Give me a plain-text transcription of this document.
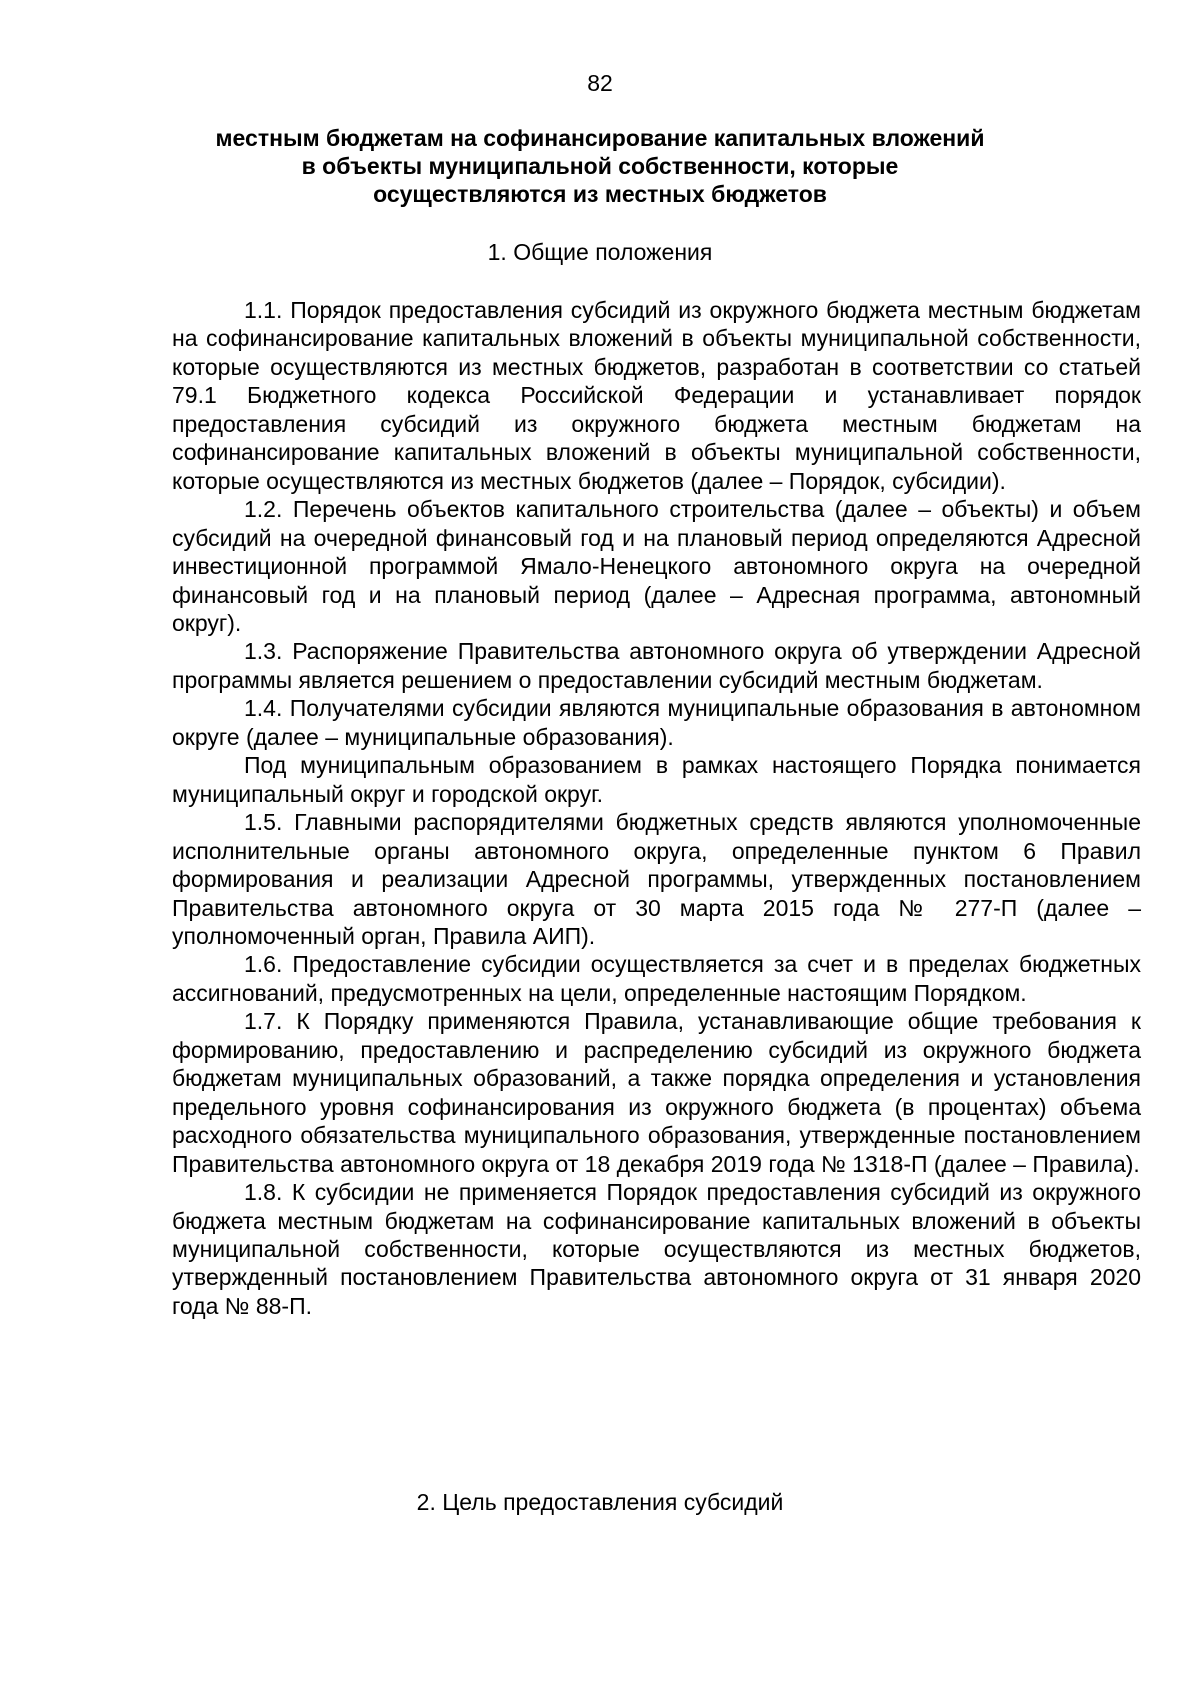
82
местным бюджетам на софинансирование капитальных вложений
в объекты муниципальной собственности, которые
осуществляются из местных бюджетов
1. Общие положения

1.1. Порядок предоставления субсидий из окружного бюджета местным бюджетам на софинансирование капитальных вложений в объекты муниципальной собственности, которые осуществляются из местных бюджетов, разработан в соответствии со статьей 79.1 Бюджетного кодекса Российской Федерации и устанавливает порядок предоставления субсидий из окружного бюджета местным бюджетам на софинансирование капитальных вложений в объекты муниципальной собственности, которые осуществляются из местных бюджетов (далее – Порядок, субсидии).

1.2. Перечень объектов капитального строительства (далее – объекты) и объем субсидий на очередной финансовый год и на плановый период определяются Адресной инвестиционной программой Ямало-Ненецкого автономного округа на очередной финансовый год и на плановый период (далее – Адресная программа, автономный округ).

1.3. Распоряжение Правительства автономного округа об утверждении Адресной программы является решением о предоставлении субсидий местным бюджетам.

1.4. Получателями субсидии являются муниципальные образования в автономном округе (далее – муниципальные образования).

Под муниципальным образованием в рамках настоящего Порядка понимается муниципальный округ и городской округ.

1.5. Главными распорядителями бюджетных средств являются уполномоченные исполнительные органы автономного округа, определенные пунктом 6 Правил формирования и реализации Адресной программы, утвержденных постановлением Правительства автономного округа от 30 марта 2015 года № 277-П (далее – уполномоченный орган, Правила АИП).

1.6. Предоставление субсидии осуществляется за счет и в пределах бюджетных ассигнований, предусмотренных на цели, определенные настоящим Порядком.

1.7. К Порядку применяются Правила, устанавливающие общие требования к формированию, предоставлению и распределению субсидий из окружного бюджета бюджетам муниципальных образований, а также порядка определения и установления предельного уровня софинансирования из окружного бюджета (в процентах) объема расходного обязательства муниципального образования, утвержденные постановлением Правительства автономного округа от 18 декабря 2019 года № 1318-П (далее – Правила).

1.8. К субсидии не применяется Порядок предоставления субсидий из окружного бюджета местным бюджетам на софинансирование капитальных вложений в объекты муниципальной собственности, которые осуществляются из местных бюджетов, утвержденный постановлением Правительства автономного округа от 31 января 2020 года № 88-П.

2. Цель предоставления субсидий
